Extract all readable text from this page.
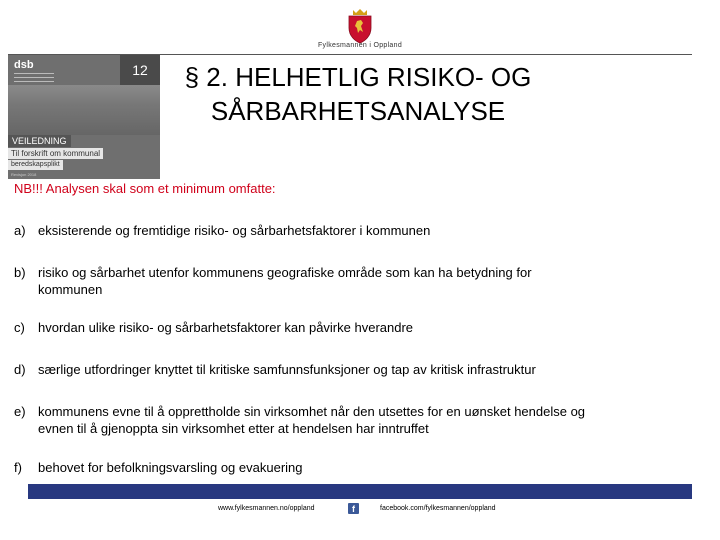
Fylkesmannen i Oppland
dsb	12
VEILEDNING
Til forskrift om kommunal
beredskapsplikt
Revisjon 2018
§ 2. HELHETLIG RISIKO- OG
SÅRBARHETSANALYSE
NB!!! Analysen skal som et minimum omfatte:
a) eksisterende og fremtidige risiko- og sårbarhetsfaktorer i kommunen
b) risiko og sårbarhet utenfor kommunens geografiske område som kan ha betydning for
kommunen
c) hvordan ulike risiko- og sårbarhetsfaktorer kan påvirke hverandre
d) særlige utfordringer knyttet til kritiske samfunnsfunksjoner og tap av kritisk infrastruktur
e) kommunens evne til å opprettholde sin virksomhet når den utsettes for en uønsket hendelse og
evnen til å gjenoppta sin virksomhet etter at hendelsen har inntruffet
f) behovet for befolkningsvarsling og evakuering
www.fylkesmannen.no/oppland	f	facebook.com/fylkesmannen/oppland
